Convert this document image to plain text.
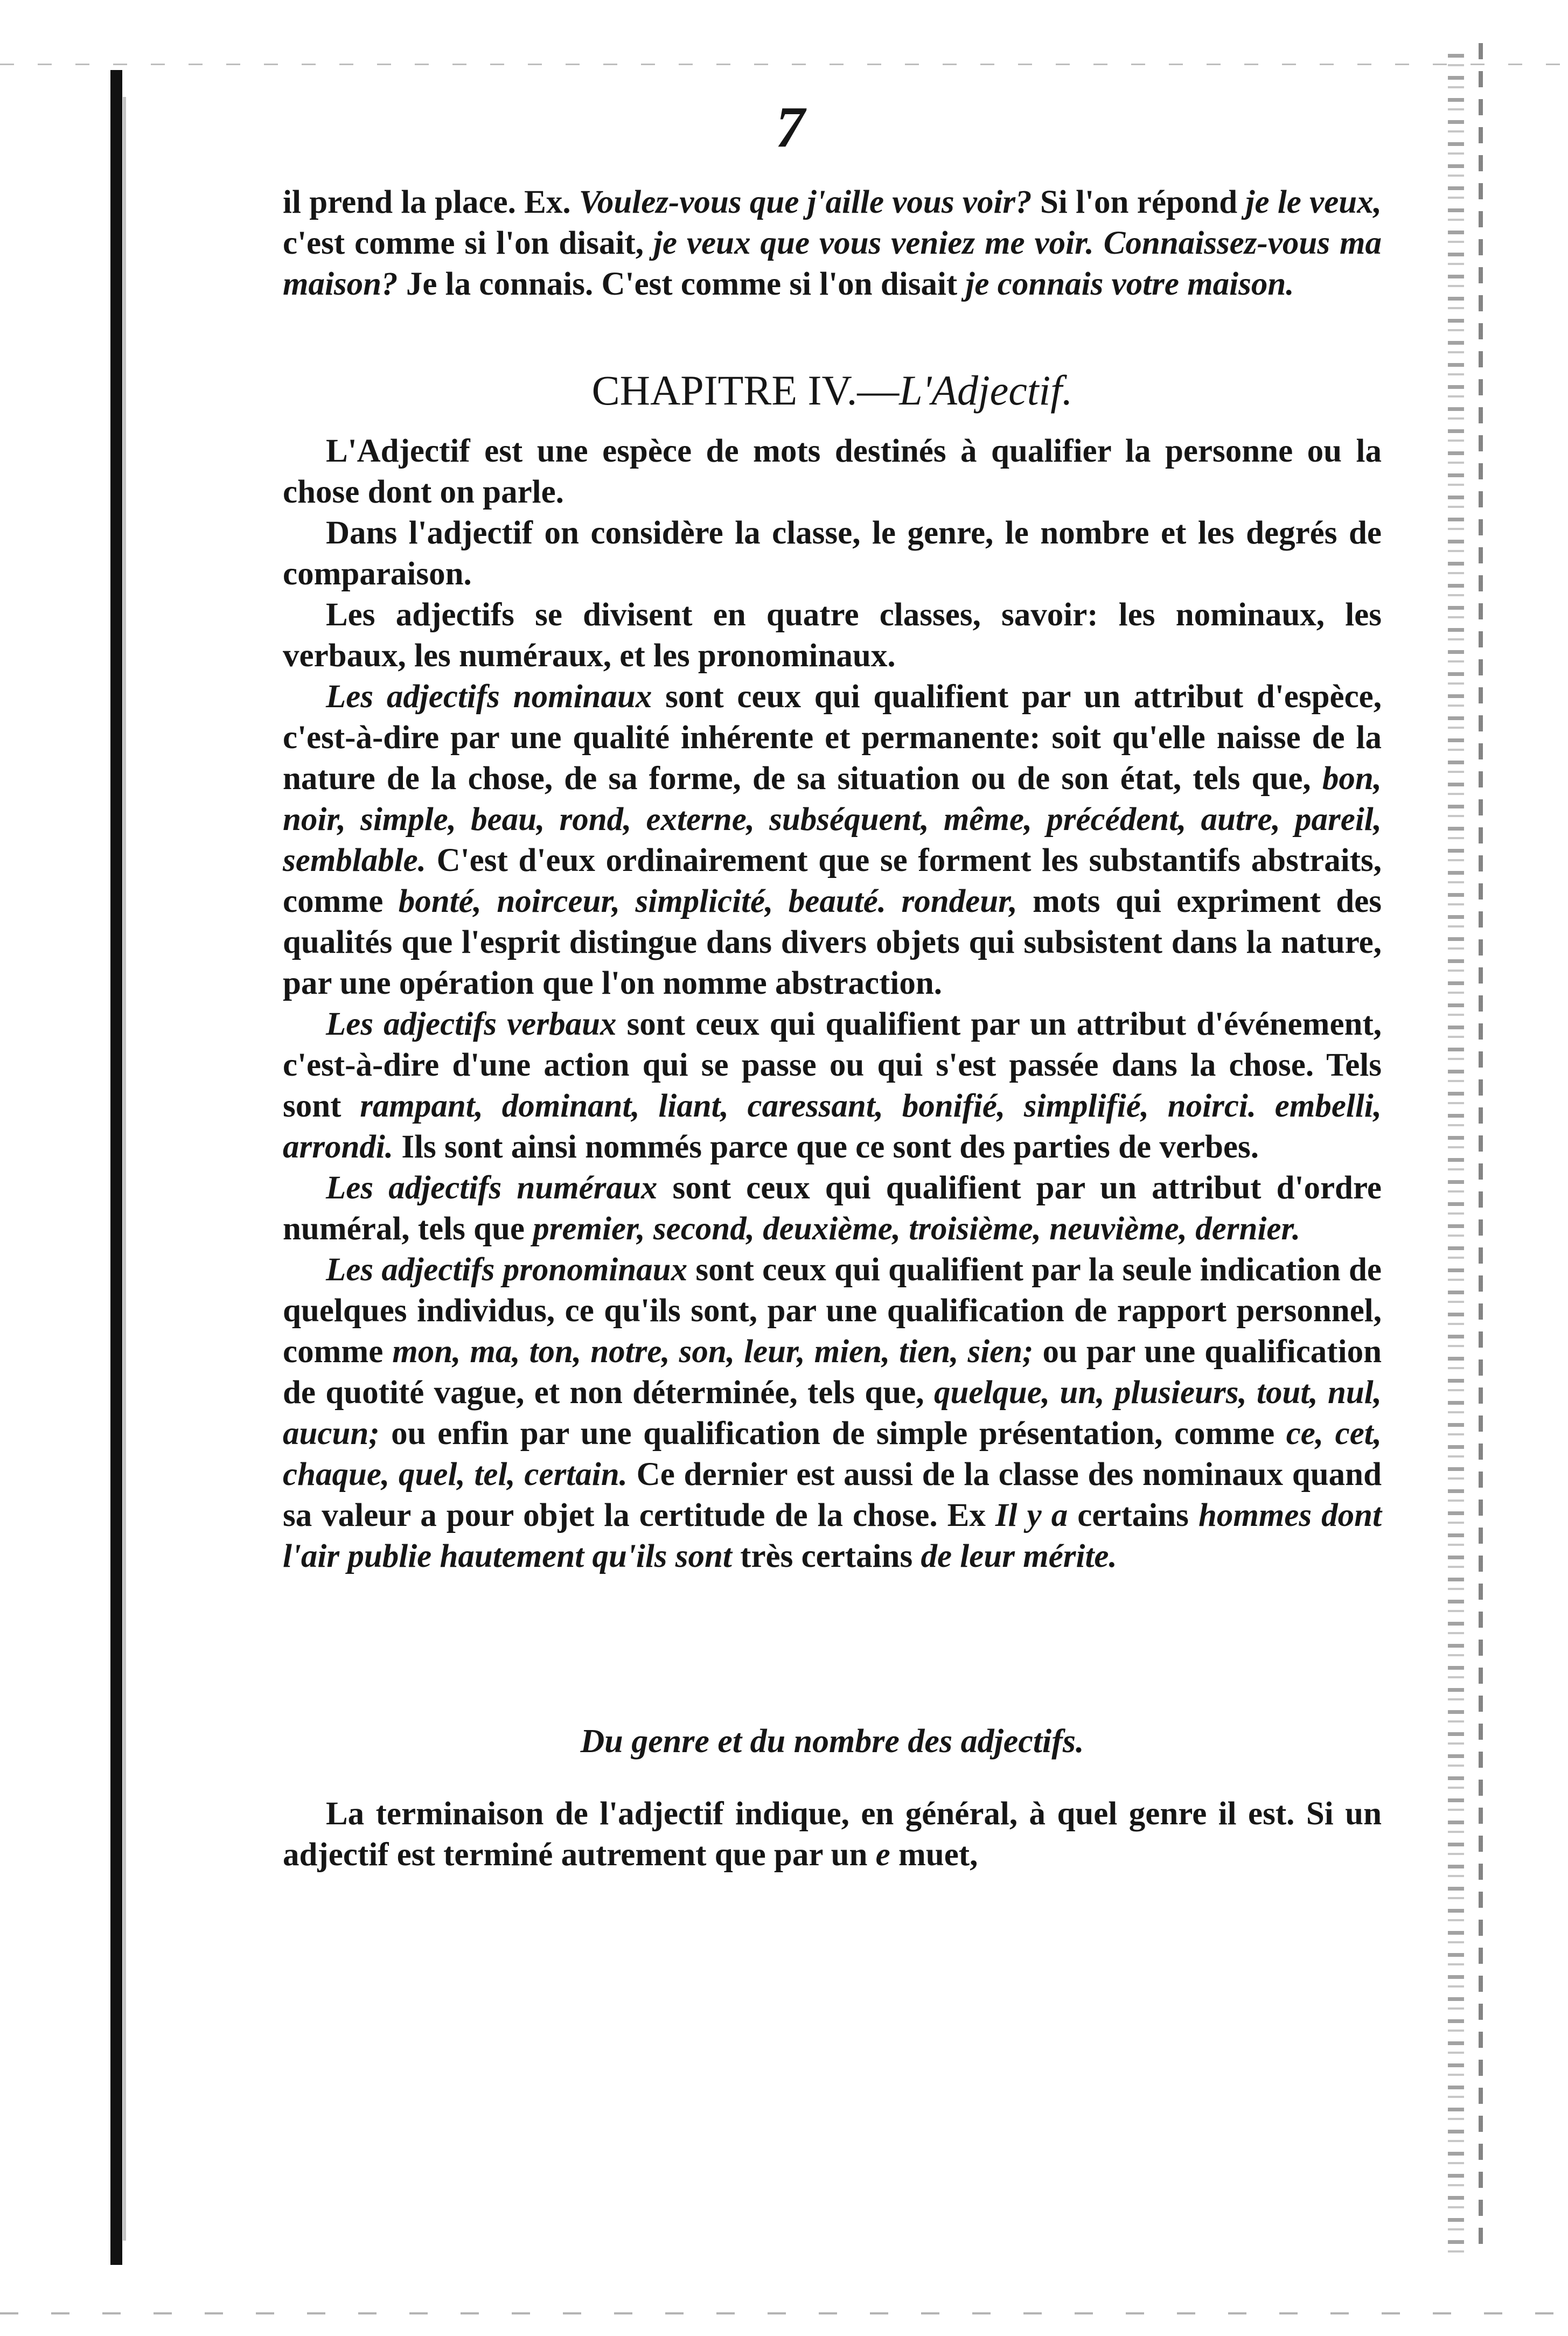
7

il prend la place. Ex. Voulez-vous que j'aille vous voir? Si l'on répond je le veux, c'est comme si l'on disait, je veux que vous veniez me voir. Connaissez-vous ma maison? Je la connais. C'est comme si l'on disait je connais votre maison.

CHAPITRE IV.—L'Adjectif.

L'Adjectif est une espèce de mots destinés à qualifier la personne ou la chose dont on parle.

Dans l'adjectif on considère la classe, le genre, le nombre et les degrés de comparaison.

Les adjectifs se divisent en quatre classes, savoir: les nominaux, les verbaux, les numéraux, et les pronominaux.

Les adjectifs nominaux sont ceux qui qualifient par un attribut d'espèce, c'est-à-dire par une qualité inhérente et permanente: soit qu'elle naisse de la nature de la chose, de sa forme, de sa situation ou de son état, tels que, bon, noir, simple, beau, rond, externe, subséquent, même, précédent, autre, pareil, semblable. C'est d'eux ordinairement que se forment les substantifs abstraits, comme bonté, noirceur, simplicité, beauté. rondeur, mots qui expriment des qualités que l'esprit distingue dans divers objets qui subsistent dans la nature, par une opération que l'on nomme abstraction.

Les adjectifs verbaux sont ceux qui qualifient par un attribut d'événement, c'est-à-dire d'une action qui se passe ou qui s'est passée dans la chose. Tels sont rampant, dominant, liant, caressant, bonifié, simplifié, noirci. embelli, arrondi. Ils sont ainsi nommés parce que ce sont des parties de verbes.

Les adjectifs numéraux sont ceux qui qualifient par un attribut d'ordre numéral, tels que premier, second, deuxième, troisième, neuvième, dernier.

Les adjectifs pronominaux sont ceux qui qualifient par la seule indication de quelques individus, ce qu'ils sont, par une qualification de rapport personnel, comme mon, ma, ton, notre, son, leur, mien, tien, sien; ou par une qualification de quotité vague, et non déterminée, tels que, quelque, un, plusieurs, tout, nul, aucun; ou enfin par une qualification de simple présentation, comme ce, cet, chaque, quel, tel, certain. Ce dernier est aussi de la classe des nominaux quand sa valeur a pour objet la certitude de la chose. Ex Il y a certains hommes dont l'air publie hautement qu'ils sont très certains de leur mérite.

Du genre et du nombre des adjectifs.

La terminaison de l'adjectif indique, en général, à quel genre il est. Si un adjectif est terminé autrement que par un e muet,
